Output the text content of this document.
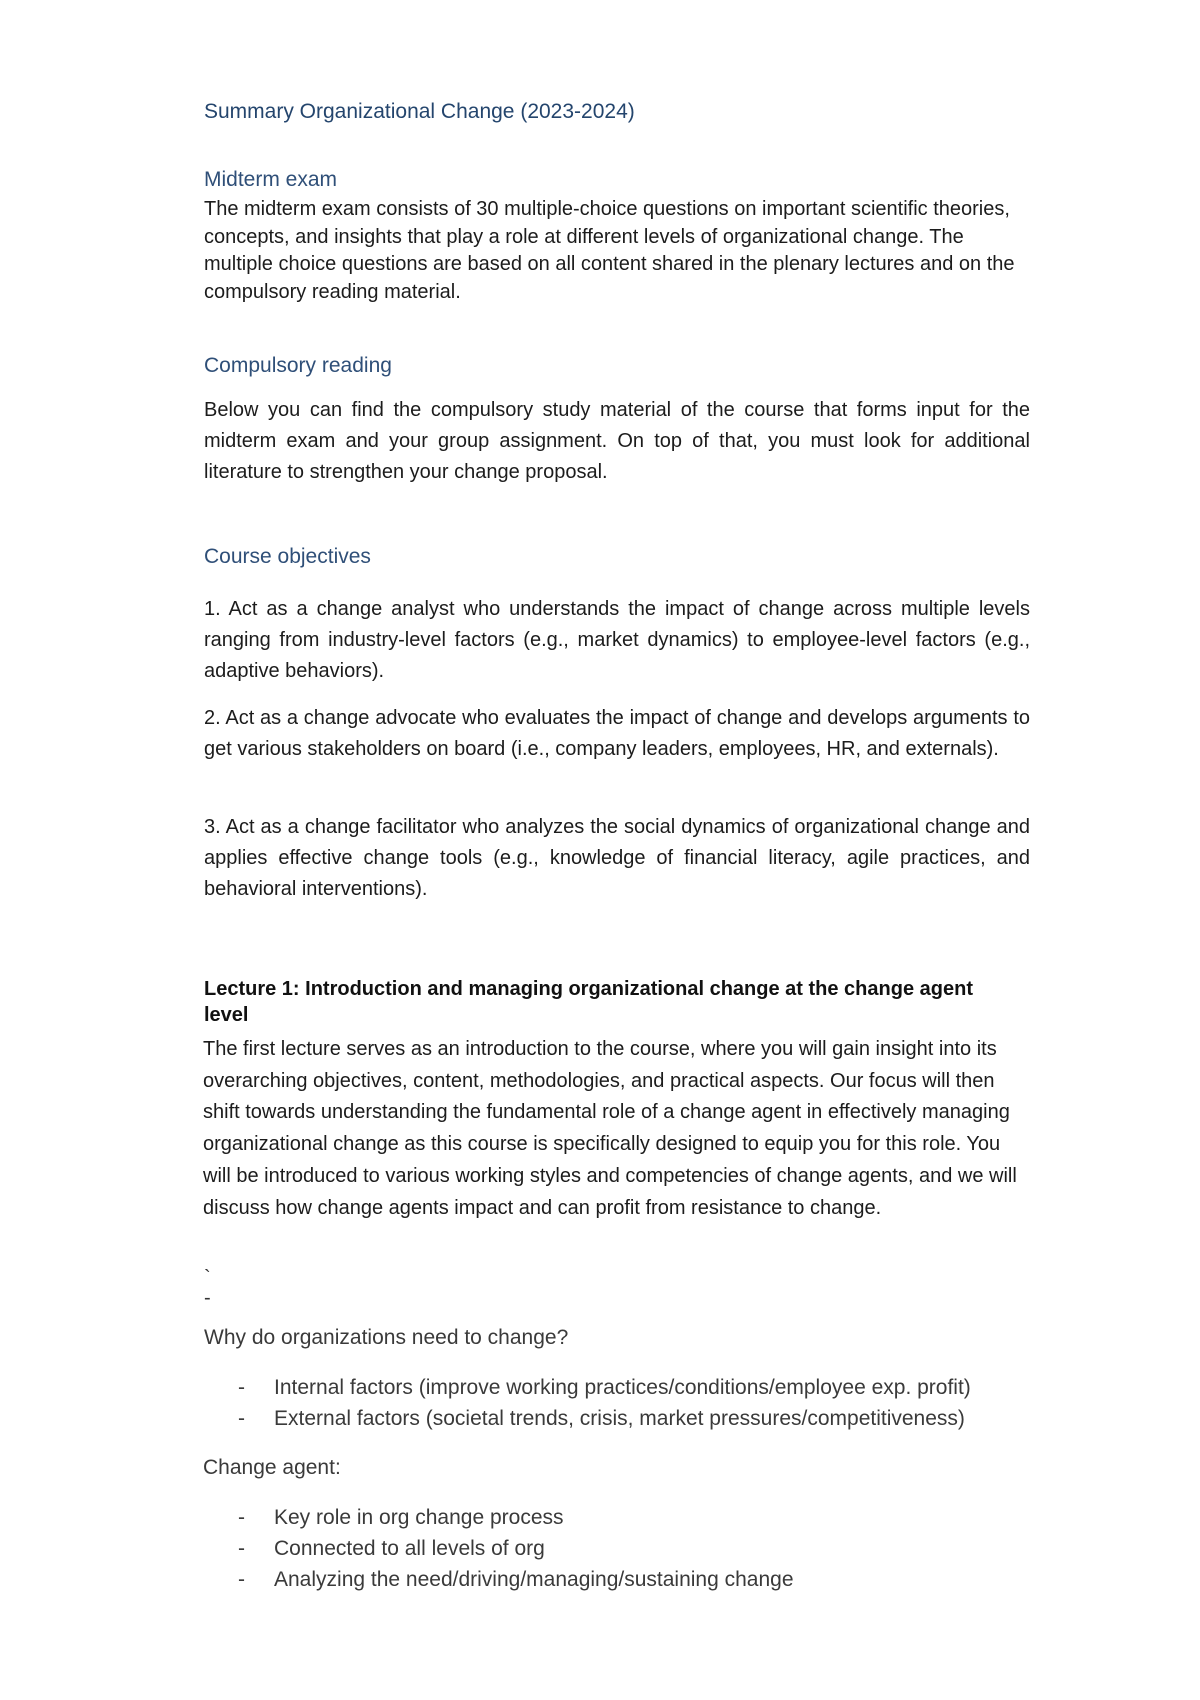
Summary Organizational Change (2023-2024)
Midterm exam

The midterm exam consists of 30 multiple-choice questions on important scientific theories, concepts, and insights that play a role at different levels of organizational change. The multiple choice questions are based on all content shared in the plenary lectures and on the compulsory reading material.

Compulsory reading

Below you can find the compulsory study material of the course that forms input for the midterm exam and your group assignment. On top of that, you must look for additional literature to strengthen your change proposal.

Course objectives

1. Act as a change analyst who understands the impact of change across multiple levels ranging from industry-level factors (e.g., market dynamics) to employee-level factors (e.g., adaptive behaviors).

2. Act as a change advocate who evaluates the impact of change and develops arguments to get various stakeholders on board (i.e., company leaders, employees, HR, and externals).

3. Act as a change facilitator who analyzes the social dynamics of organizational change and applies effective change tools (e.g., knowledge of financial literacy, agile practices, and behavioral interventions).

Lecture 1: Introduction and managing organizational change at the change agent level

The first lecture serves as an introduction to the course, where you will gain insight into its overarching objectives, content, methodologies, and practical aspects. Our focus will then shift towards understanding the fundamental role of a change agent in effectively managing organizational change as this course is specifically designed to equip you for this role. You will be introduced to various working styles and competencies of change agents, and we will discuss how change agents impact and can profit from resistance to change.

`
-

Why do organizations need to change?

- Internal factors (improve working practices/conditions/employee exp. profit)
- External factors (societal trends, crisis, market pressures/competitiveness)

Change agent:

- Key role in org change process
- Connected to all levels of org
- Analyzing the need/driving/managing/sustaining change
